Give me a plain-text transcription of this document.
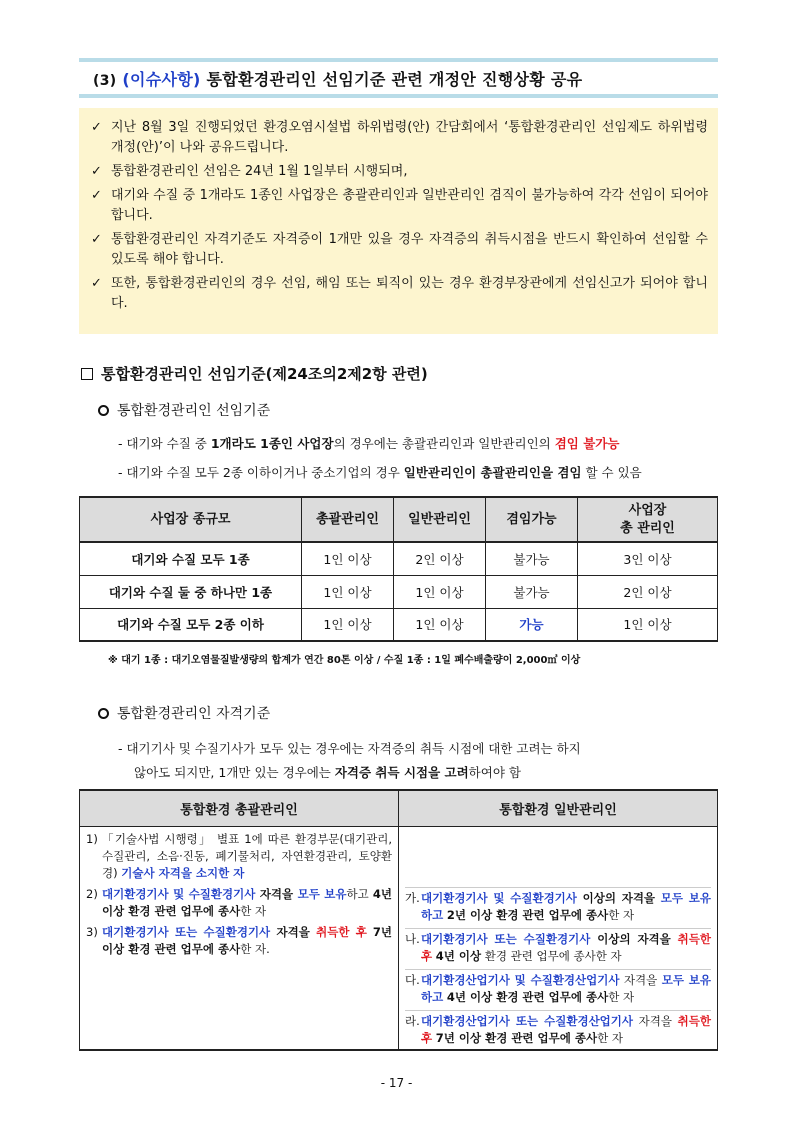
(3) (이슈사항) 통합환경관리인 선임기준 관련 개정안 진행상황 공유
✓ 지난 8월 3일 진행되었던 환경오염시설법 하위법령(안) 간담회에서 ‘통합환경관리인 선임제도 하위법령 개정(안)’이 나와 공유드립니다.
✓ 통합환경관리인 선임은 24년 1월 1일부터 시행되며,
✓ 대기와 수질 중 1개라도 1종인 사업장은 총괄관리인과 일반관리인 겸직이 불가능하여 각각 선임이 되어야 합니다.
✓ 통합환경관리인 자격기준도 자격증이 1개만 있을 경우 자격증의 취득시점을 반드시 확인하여 선임할 수 있도록 해야 합니다.
✓ 또한, 통합환경관리인의 경우 선임, 해임 또는 퇴직이 있는 경우 환경부장관에게 선임신고가 되어야 합니다.
통합환경관리인 선임기준(제24조의2제2항 관련)
통합환경관리인 선임기준
- 대기와 수질 중 1개라도 1종인 사업장의 경우에는 총괄관리인과 일반관리인의 겸임 불가능
- 대기와 수질 모두 2종 이하이거나 중소기업의 경우 일반관리인이 총괄관리인을 겸임 할 수 있음
사업장 종규모	총괄관리인	일반관리인	겸임가능	사업장
총 관리인
대기와 수질 모두 1종	1인 이상	2인 이상	불가능	3인 이상
대기와 수질 둘 중 하나만 1종	1인 이상	1인 이상	불가능	2인 이상
대기와 수질 모두 2종 이하	1인 이상	1인 이상	가능	1인 이상
※ 대기 1종 : 대기오염물질발생량의 합계가 연간 80톤 이상 / 수질 1종 : 1일 폐수배출량이 2,000㎥ 이상
통합환경관리인 자격기준
- 대기기사 및 수질기사가 모두 있는 경우에는 자격증의 취득 시점에 대한 고려는 하지
않아도 되지만, 1개만 있는 경우에는 자격증 취득 시점을 고려하여야 함
통합환경 총괄관리인	통합환경 일반관리인
1) 「기술사법 시행령」 별표 1에 따른 환경부문(대기관리, 수질관리, 소음·진동, 폐기물처리, 자연환경관리, 토양환경) 기술사 자격을 소지한 자
2) 대기환경기사 및 수질환경기사 자격을 모두 보유하고 4년 이상 환경 관련 업무에 종사한 자
3) 대기환경기사 또는 수질환경기사 자격을 취득한 후 7년 이상 환경 관련 업무에 종사한 자.
가. 대기환경기사 및 수질환경기사 이상의 자격을 모두 보유하고 2년 이상 환경 관련 업무에 종사한 자
나. 대기환경기사 또는 수질환경기사 이상의 자격을 취득한 후 4년 이상 환경 관련 업무에 종사한 자
다. 대기환경산업기사 및 수질환경산업기사 자격을 모두 보유하고 4년 이상 환경 관련 업무에 종사한 자
라. 대기환경산업기사 또는 수질환경산업기사 자격을 취득한 후 7년 이상 환경 관련 업무에 종사한 자
- 17 -
